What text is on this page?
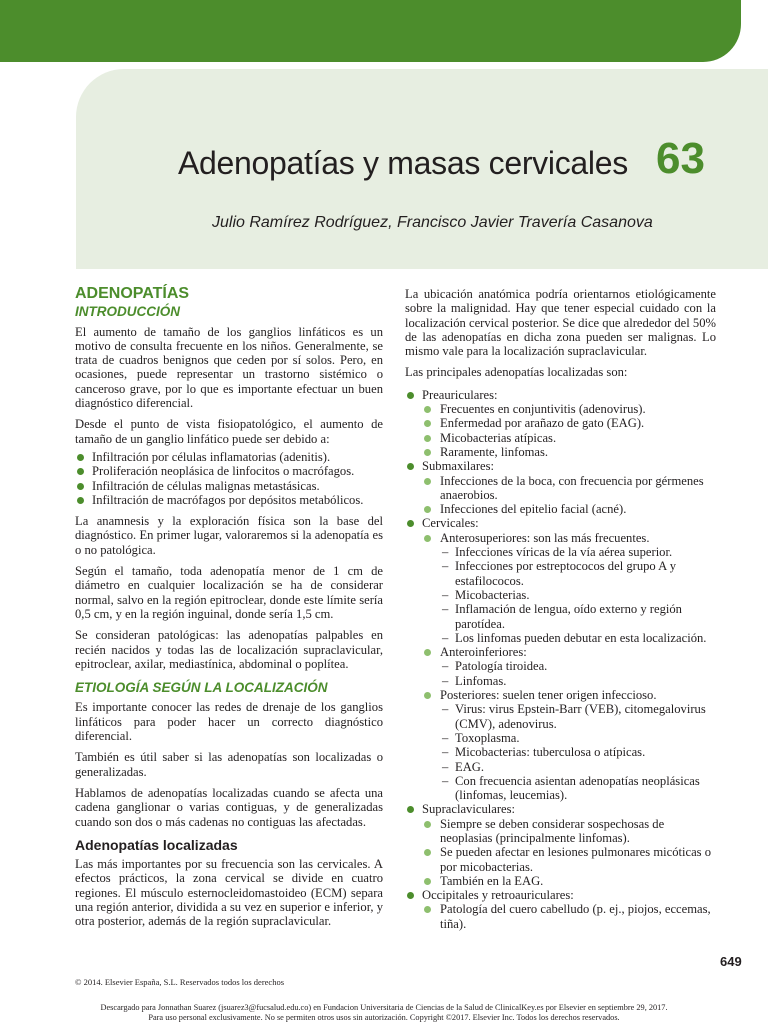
Adenopatías y masas cervicales 63
Julio Ramírez Rodríguez, Francisco Javier Travería Casanova
ADENOPATÍAS
INTRODUCCIÓN

El aumento de tamaño de los ganglios linfáticos es un motivo de consulta frecuente en los niños. Generalmente, se trata de cuadros benignos que ceden por sí solos. Pero, en ocasiones, puede representar un trastorno sistémico o canceroso grave, por lo que es importante efectuar un buen diagnóstico diferencial.

Desde el punto de vista fisiopatológico, el aumento de tamaño de un ganglio linfático puede ser debido a:

Infiltración por células inflamatorias (adenitis).
Proliferación neoplásica de linfocitos o macrófagos.
Infiltración de células malignas metastásicas.
Infiltración de macrófagos por depósitos metabólicos.

La anamnesis y la exploración física son la base del diagnóstico. En primer lugar, valoraremos si la adenopatía es o no patológica.

Según el tamaño, toda adenopatía menor de 1 cm de diámetro en cualquier localización se ha de considerar normal, salvo en la región epitroclear, donde este límite sería 0,5 cm, y en la región inguinal, donde sería 1,5 cm.

Se consideran patológicas: las adenopatías palpables en recién nacidos y todas las de localización supraclavicular, epitroclear, axilar, mediastínica, abdominal o poplítea.

ETIOLOGÍA SEGÚN LA LOCALIZACIÓN

Es importante conocer las redes de drenaje de los ganglios linfáticos para poder hacer un correcto diagnóstico diferencial.

También es útil saber si las adenopatías son localizadas o generalizadas.

Hablamos de adenopatías localizadas cuando se afecta una cadena ganglionar o varias contiguas, y de generalizadas cuando son dos o más cadenas no contiguas las afectadas.

Adenopatías localizadas

Las más importantes por su frecuencia son las cervicales. A efectos prácticos, la zona cervical se divide en cuatro regiones. El músculo esternocleidomastoideo (ECM) separa una región anterior, dividida a su vez en superior e inferior, y otra posterior, además de la región supraclavicular.

La ubicación anatómica podría orientarnos etiológicamente sobre la malignidad. Hay que tener especial cuidado con la localización cervical posterior. Se dice que alrededor del 50% de las adenopatías en dicha zona pueden ser malignas. Lo mismo vale para la localización supraclavicular.

Las principales adenopatías localizadas son:

Preauriculares:
Frecuentes en conjuntivitis (adenovirus).
Enfermedad por arañazo de gato (EAG).
Micobacterias atípicas.
Raramente, linfomas.
Submaxilares:
Infecciones de la boca, con frecuencia por gérmenes anaerobios.
Infecciones del epitelio facial (acné).
Cervicales:
Anterosuperiores: son las más frecuentes.
– Infecciones víricas de la vía aérea superior.
– Infecciones por estreptococos del grupo A y estafilococos.
– Micobacterias.
– Inflamación de lengua, oído externo y región parotídea.
– Los linfomas pueden debutar en esta localización.
Anteroinferiores:
– Patología tiroidea.
– Linfomas.
Posteriores: suelen tener origen infeccioso.
– Virus: virus Epstein-Barr (VEB), citomegalovirus (CMV), adenovirus.
– Toxoplasma.
– Micobacterias: tuberculosa o atípicas.
– EAG.
– Con frecuencia asientan adenopatías neoplásicas (linfomas, leucemias).
Supraclaviculares:
Siempre se deben considerar sospechosas de neoplasias (principalmente linfomas).
Se pueden afectar en lesiones pulmonares micóticas o por micobacterias.
También en la EAG.
Occipitales y retroauriculares:
Patología del cuero cabelludo (p. ej., piojos, eccemas, tiña).
649
© 2014. Elsevier España, S.L. Reservados todos los derechos
Descargado para Jonnathan Suarez (jsuarez3@fucsalud.edu.co) en Fundacion Universitaria de Ciencias de la Salud de ClinicalKey.es por Elsevier en septiembre 29, 2017.
Para uso personal exclusivamente. No se permiten otros usos sin autorización. Copyright ©2017. Elsevier Inc. Todos los derechos reservados.
